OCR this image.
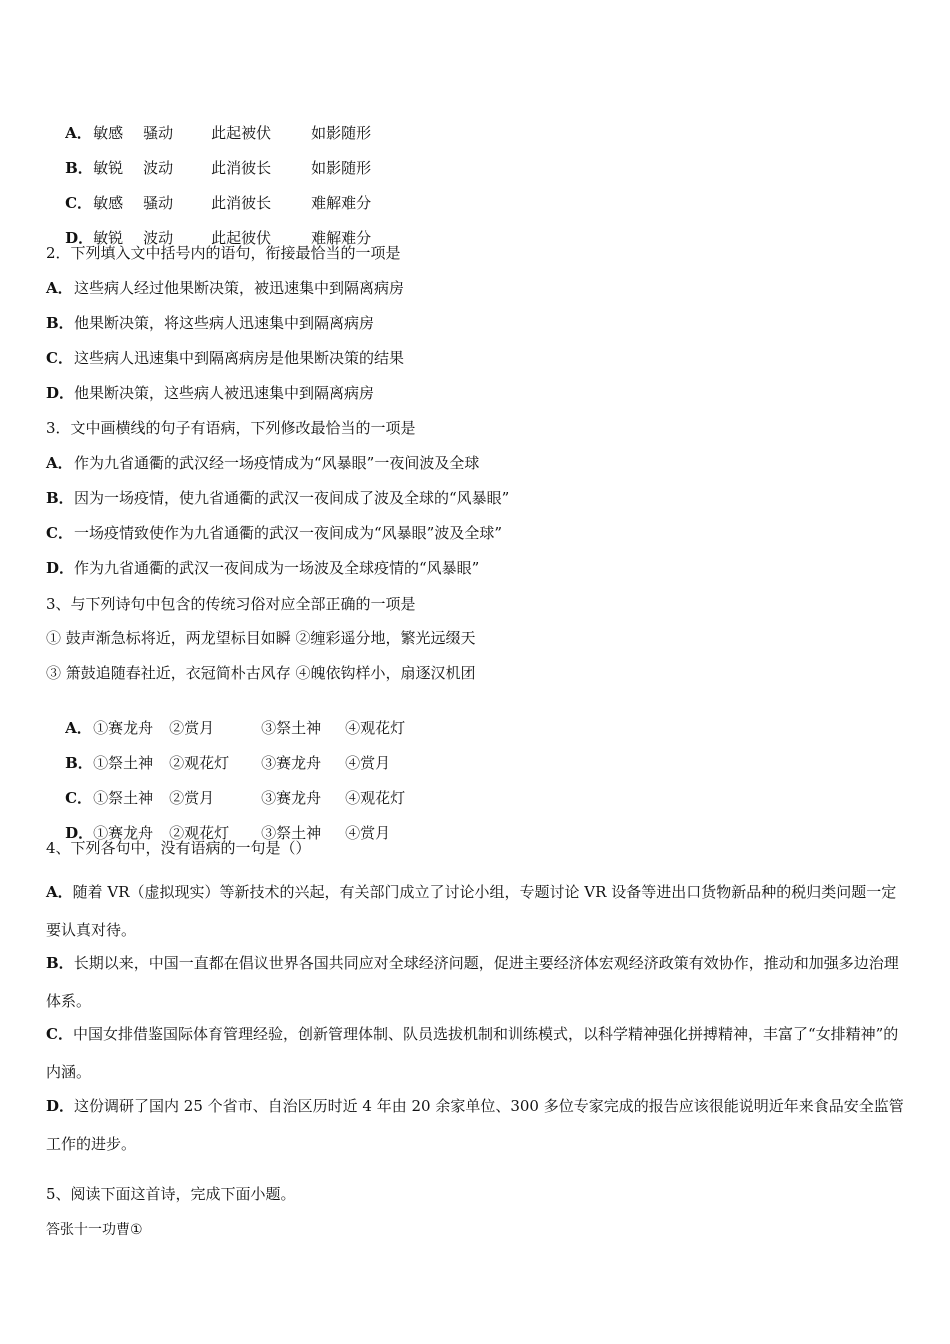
A．敏感 骚动	此起被伏	如影随形

B．敏锐 波动	此消彼长	如影随形

C．敏感 骚动	此消彼长	难解难分

D．敏锐 波动	此起彼伏	难解难分

2．下列填入文中括号内的语句，衔接最恰当的一项是
A．这些病人经过他果断决策，被迅速集中到隔离病房
B．他果断决策，将这些病人迅速集中到隔离病房
C．这些病人迅速集中到隔离病房是他果断决策的结果
D．他果断决策，这些病人被迅速集中到隔离病房
3．文中画横线的句子有语病，下列修改最恰当的一项是
A．作为九省通衢的武汉经一场疫情成为“风暴眼”一夜间波及全球
B．因为一场疫情，使九省通衢的武汉一夜间成了波及全球的“风暴眼”
C．一场疫情致使作为九省通衢的武汉一夜间成为“风暴眼”波及全球”
D．作为九省通衢的武汉一夜间成为一场波及全球疫情的“风暴眼”
3、与下列诗句中包含的传统习俗对应全部正确的一项是
① 鼓声渐急标将近，两龙望标目如瞬 ②缠彩遥分地，繁光远缀天
③ 箫鼓追随春社近，衣冠简朴古风存 ④魄依钩样小，扇逐汉机团

A．①赛龙舟 ②赏月	③祭土神 ④观花灯

B．①祭土神 ②观花灯 ③赛龙舟 ④赏月

C．①祭土神 ②赏月	③赛龙舟 ④观花灯

D．①赛龙舟 ②观花灯 ③祭土神 ④赏月

4、下列各句中，没有语病的一句是（）
A．随着 VR（虚拟现实）等新技术的兴起，有关部门成立了讨论小组，专题讨论 VR 设备等进出口货物新品种的税归类问题一定要认真对待。
B．长期以来，中国一直都在倡议世界各国共同应对全球经济问题，促进主要经济体宏观经济政策有效协作，推动和加强多边治理体系。
C．中国女排借鉴国际体育管理经验，创新管理体制、队员选拔机制和训练模式，以科学精神强化拼搏精神，丰富了“女排精神”的内涵。
D．这份调研了国内 25 个省市、自治区历时近 4 年由 20 余家单位、300 多位专家完成的报告应该很能说明近年来食品安全监管工作的进步。
5、阅读下面这首诗，完成下面小题。
答张十一功曹①
